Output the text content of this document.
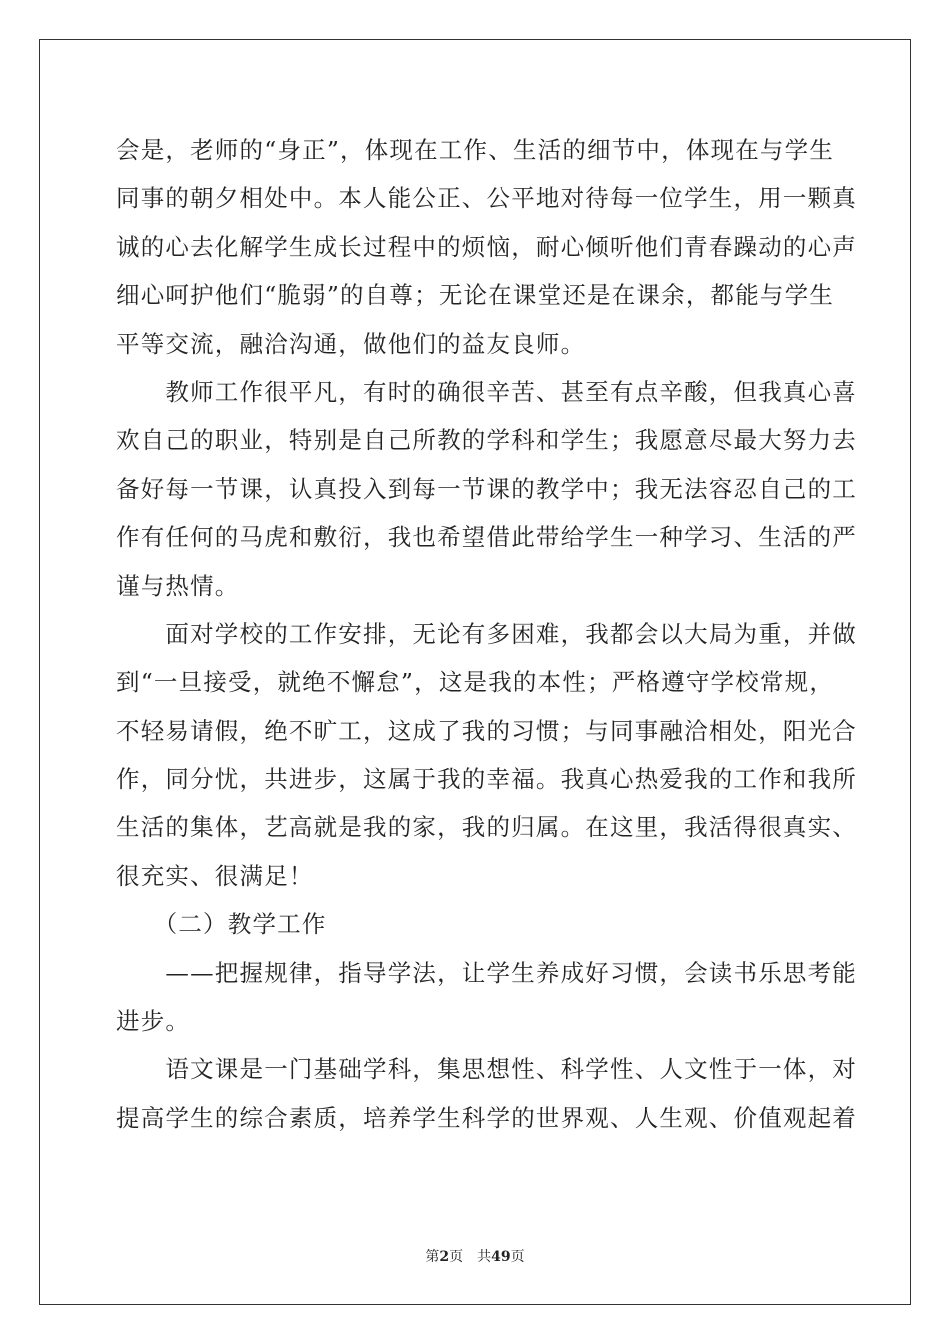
会是，老师的“身正”，体现在工作、生活的细节中，体现在与学生
同事的朝夕相处中。本人能公正、公平地对待每一位学生，用一颗真
诚的心去化解学生成长过程中的烦恼，耐心倾听他们青春躁动的心声
细心呵护他们“脆弱”的自尊；无论在课堂还是在课余，都能与学生
平等交流，融洽沟通，做他们的益友良师。
　　教师工作很平凡，有时的确很辛苦、甚至有点辛酸，但我真心喜
欢自己的职业，特别是自己所教的学科和学生；我愿意尽最大努力去
备好每一节课，认真投入到每一节课的教学中；我无法容忍自己的工
作有任何的马虎和敷衍，我也希望借此带给学生一种学习、生活的严
谨与热情。
　　面对学校的工作安排，无论有多困难，我都会以大局为重，并做
到“一旦接受，就绝不懈怠”，这是我的本性；严格遵守学校常规，
不轻易请假，绝不旷工，这成了我的习惯；与同事融洽相处，阳光合
作，同分忧，共进步，这属于我的幸福。我真心热爱我的工作和我所
生活的集体，艺高就是我的家，我的归属。在这里，我活得很真实、
很充实、很满足！
　　（二）教学工作
　　——把握规律，指导学法，让学生养成好习惯，会读书乐思考能
进步。
　　语文课是一门基础学科，集思想性、科学性、人文性于一体，对
提高学生的综合素质，培养学生科学的世界观、人生观、价值观起着
第2页　共49页
